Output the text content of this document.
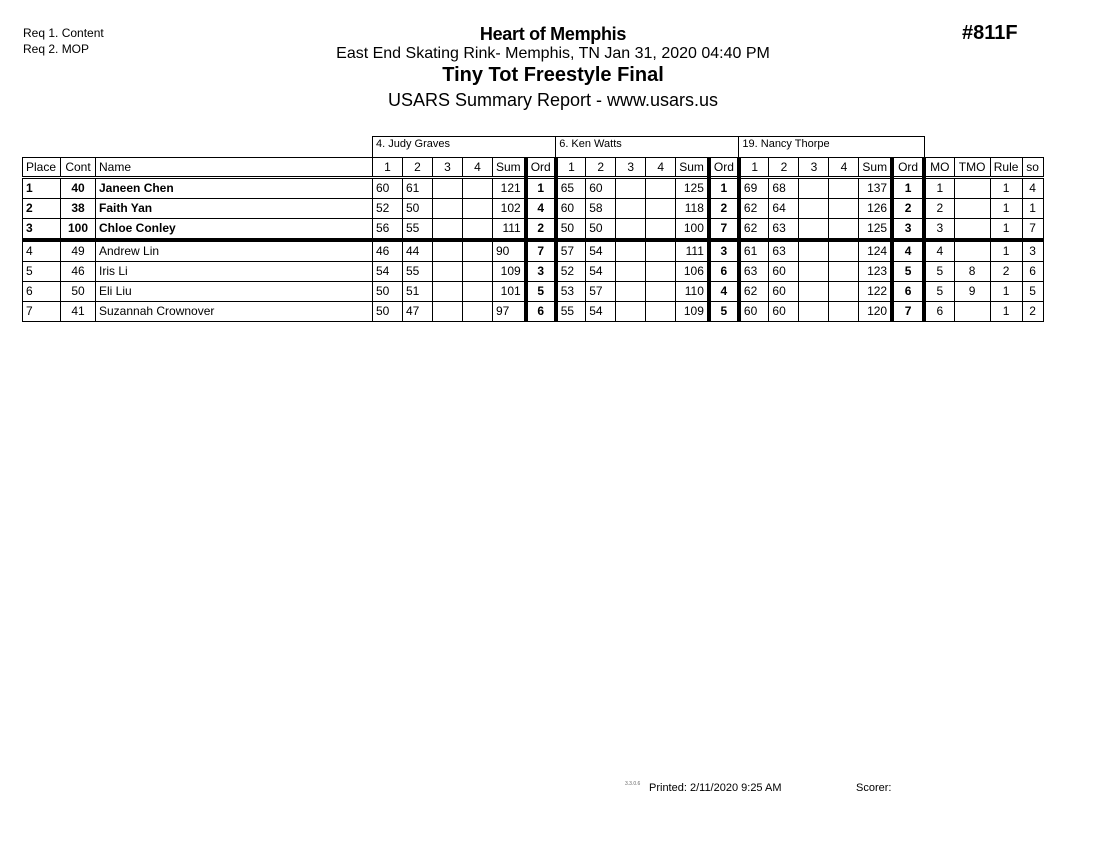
Req 1. Content
Req 2. MOP
Heart of Memphis
East End Skating Rink- Memphis, TN Jan 31, 2020 04:40 PM
Tiny Tot Freestyle Final
USARS Summary Report - www.usars.us
#811F
			4. Judy Graves						6. Ken Watts						19. Nancy Thorpe									
Place	Cont	Name	1	2	3	4	Sum	Ord	1	2	3	4	Sum	Ord	1	2	3	4	Sum	Ord	MO	TMO	Rule	so
1	40	Janeen Chen	60	61			121	1	65	60			125	1	69	68			137	1	1		1	4
2	38	Faith Yan	52	50			102	4	60	58			118	2	62	64			126	2	2		1	1
3	100	Chloe Conley	56	55			111	2	50	50			100	7	62	63			125	3	3		1	7
4	49	Andrew Lin	46	44			90	7	57	54			111	3	61	63			124	4	4		1	3
5	46	Iris Li	54	55			109	3	52	54			106	6	63	60			123	5	5	8	2	6
6	50	Eli Liu	50	51			101	5	53	57			110	4	62	60			122	6	5	9	1	5
7	41	Suzannah Crownover	50	47			97	6	55	54			109	5	60	60			120	7	6		1	2
3.3.0.6 Printed: 2/11/2020 9:25 AM	Scorer:
